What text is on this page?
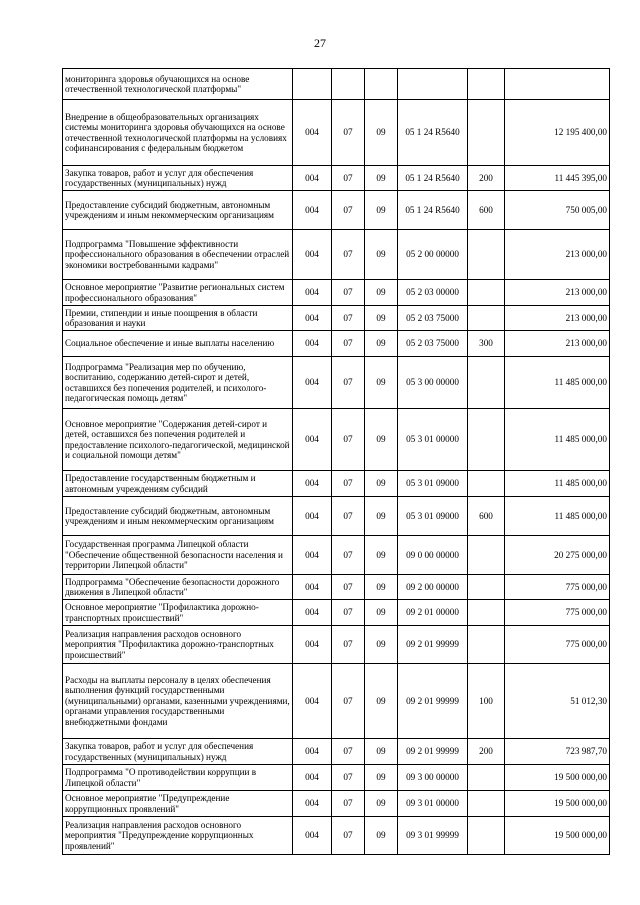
27
мониторинга здоровья обучающихся на основе отечественной технологической платформы"						
Внедрение в общеобразовательных организациях системы мониторинга здоровья обучающихся на основе отечественной технологической платформы на условиях софинансирования с федеральным бюджетом	004	07	09	05 1 24 R5640		12 195 400,00
Закупка товаров, работ и услуг для обеспечения государственных (муниципальных) нужд	004	07	09	05 1 24 R5640	200	11 445 395,00
Предоставление субсидий бюджетным, автономным учреждениям и иным некоммерческим организациям	004	07	09	05 1 24 R5640	600	750 005,00
Подпрограмма "Повышение эффективности профессионального образования в обеспечении отраслей экономики востребованными кадрами"	004	07	09	05 2 00 00000		213 000,00
Основное мероприятие "Развитие региональных систем профессионального образования"	004	07	09	05 2 03 00000		213 000,00
Премии, стипендии и иные поощрения в области образования и науки	004	07	09	05 2 03 75000		213 000,00
Социальное обеспечение и иные выплаты населению	004	07	09	05 2 03 75000	300	213 000,00
Подпрограмма "Реализация мер по обучению, воспитанию, содержанию детей-сирот и детей, оставшихся без попечения родителей, и психолого-педагогическая помощь детям"	004	07	09	05 3 00 00000		11 485 000,00
Основное мероприятие "Содержания детей-сирот и детей, оставшихся без попечения родителей и предоставление психолого-педагогической, медицинской и социальной помощи детям"	004	07	09	05 3 01 00000		11 485 000,00
Предоставление государственным бюджетным и автономным учреждениям субсидий	004	07	09	05 3 01 09000		11 485 000,00
Предоставление субсидий бюджетным, автономным учреждениям и иным некоммерческим организациям	004	07	09	05 3 01 09000	600	11 485 000,00
Государственная программа Липецкой области "Обеспечение общественной безопасности населения и территории Липецкой области"	004	07	09	09 0 00 00000		20 275 000,00
Подпрограмма "Обеспечение безопасности дорожного движения в Липецкой области"	004	07	09	09 2 00 00000		775 000,00
Основное мероприятие "Профилактика дорожно-транспортных происшествий"	004	07	09	09 2 01 00000		775 000,00
Реализация направления расходов основного мероприятия "Профилактика дорожно-транспортных происшествий"	004	07	09	09 2 01 99999		775 000,00
Расходы на выплаты персоналу в целях обеспечения выполнения функций государственными (муниципальными) органами, казенными учреждениями, органами управления государственными внебюджетными фондами	004	07	09	09 2 01 99999	100	51 012,30
Закупка товаров, работ и услуг для обеспечения государственных (муниципальных) нужд	004	07	09	09 2 01 99999	200	723 987,70
Подпрограмма "О противодействии коррупции в Липецкой области"	004	07	09	09 3 00 00000		19 500 000,00
Основное мероприятие "Предупреждение коррупционных проявлений"	004	07	09	09 3 01 00000		19 500 000,00
Реализация направления расходов основного мероприятия "Предупреждение коррупционных проявлений"	004	07	09	09 3 01 99999		19 500 000,00
